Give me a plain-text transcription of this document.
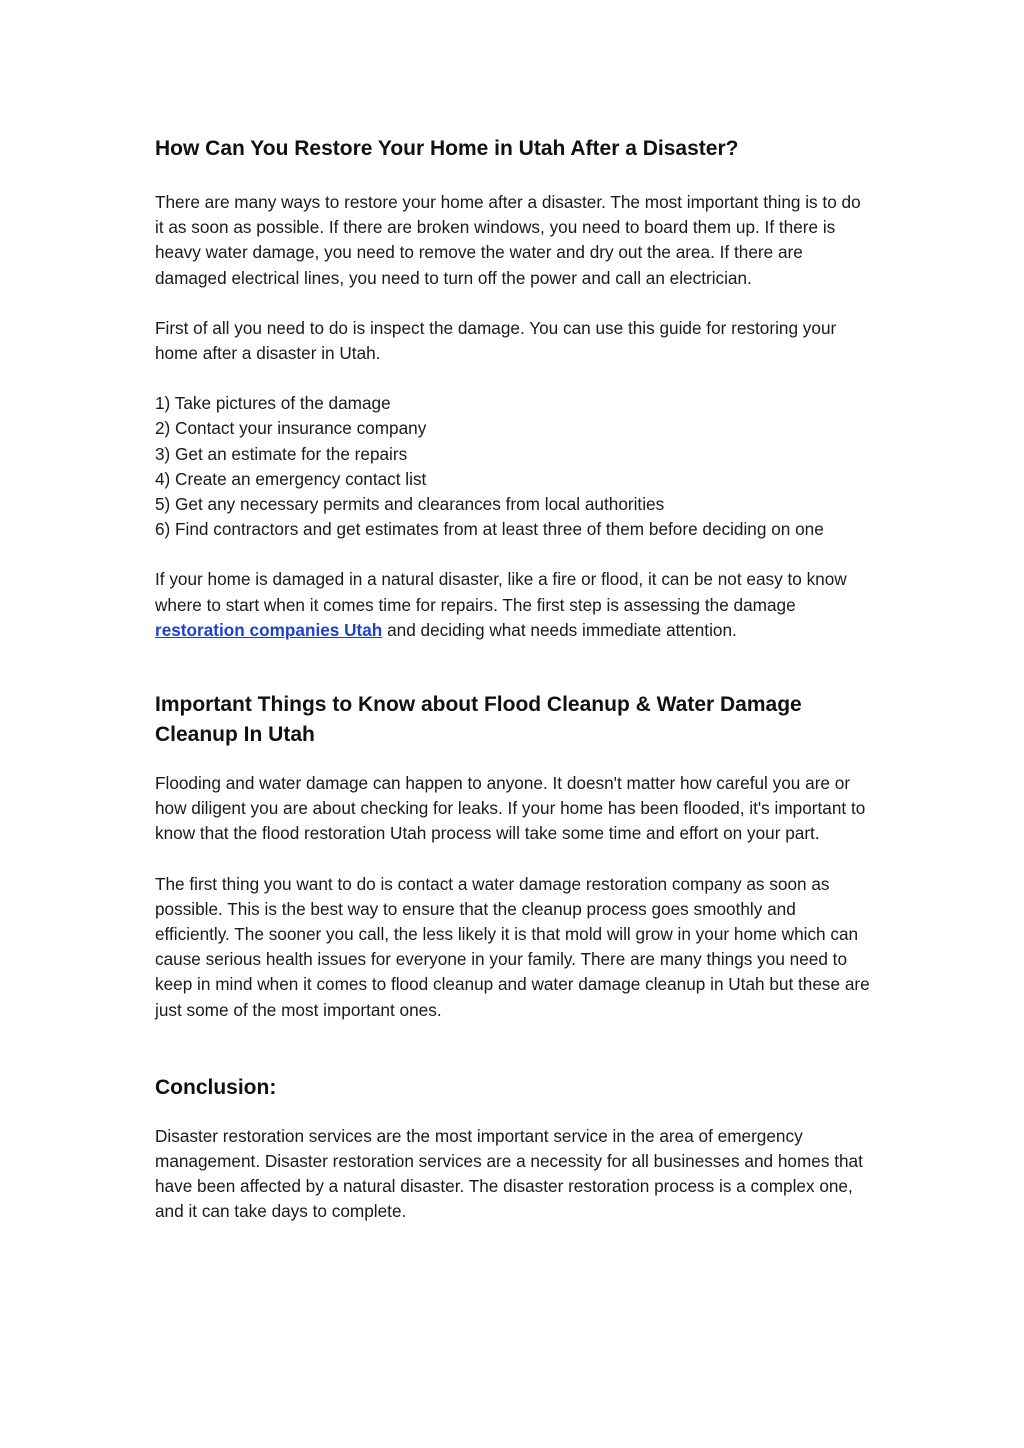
How Can You Restore Your Home in Utah After a Disaster?

There are many ways to restore your home after a disaster. The most important thing is to do it as soon as possible. If there are broken windows, you need to board them up. If there is heavy water damage, you need to remove the water and dry out the area. If there are damaged electrical lines, you need to turn off the power and call an electrician.

First of all you need to do is inspect the damage. You can use this guide for restoring your home after a disaster in Utah.

1) Take pictures of the damage
2) Contact your insurance company
3) Get an estimate for the repairs
4) Create an emergency contact list
5) Get any necessary permits and clearances from local authorities
6) Find contractors and get estimates from at least three of them before deciding on one

If your home is damaged in a natural disaster, like a fire or flood, it can be not easy to know where to start when it comes time for repairs. The first step is assessing the damage restoration companies Utah and deciding what needs immediate attention.

Important Things to Know about Flood Cleanup & Water Damage Cleanup In Utah

Flooding and water damage can happen to anyone. It doesn't matter how careful you are or how diligent you are about checking for leaks. If your home has been flooded, it's important to know that the flood restoration Utah process will take some time and effort on your part.

The first thing you want to do is contact a water damage restoration company as soon as possible. This is the best way to ensure that the cleanup process goes smoothly and efficiently. The sooner you call, the less likely it is that mold will grow in your home which can cause serious health issues for everyone in your family. There are many things you need to keep in mind when it comes to flood cleanup and water damage cleanup in Utah but these are just some of the most important ones.

Conclusion:

Disaster restoration services are the most important service in the area of emergency management. Disaster restoration services are a necessity for all businesses and homes that have been affected by a natural disaster. The disaster restoration process is a complex one, and it can take days to complete.
